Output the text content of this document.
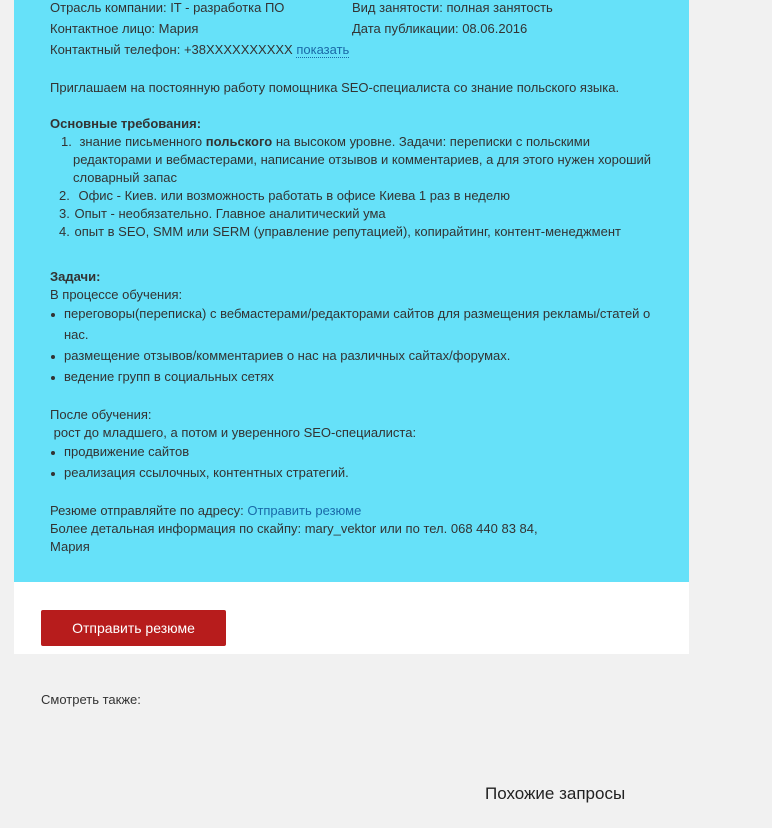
Отрасль компании: IT - разработка ПО	Вид занятости: полная занятость
Контактное лицо: Мария	Дата публикации: 08.06.2016
Контактный телефон: +38XXXXXXXXXX показать
Приглашаем на постоянную работу помощника SEO-специалиста со знание польского языка.
Основные требования:
1. знание письменного польского на высоком уровне. Задачи: переписки с польскими
редакторами и вебмастерами, написание отзывов и комментариев, а для этого нужен хороший
словарный запас
2. Офис - Киев. или возможность работать в офисе Киева 1 раз в неделю
3. Опыт - необязательно. Главное аналитический ума
4. опыт в SEO, SMM или SERM (управление репутацией), копирайтинг, контент-менеджмент
Задачи:
В процессе обучения:
переговоры(переписка) с вебмастерами/редакторами сайтов для размещения рекламы/статей о
нас.
размещение отзывов/комментариев о нас на различных сайтах/форумах.
ведение групп в социальных сетях
После обучения:
рост до младшего, а потом и уверенного SEO-специалиста:
продвижение сайтов
реализация ссылочных, контентных стратегий.
Резюме отправляйте по адресу: Отправить резюме
Более детальная информация по скайпу: mary_vektor или по тел. 068 440 83 84,
Мария
Отправить резюме
Смотреть также:
Похожие запросы
